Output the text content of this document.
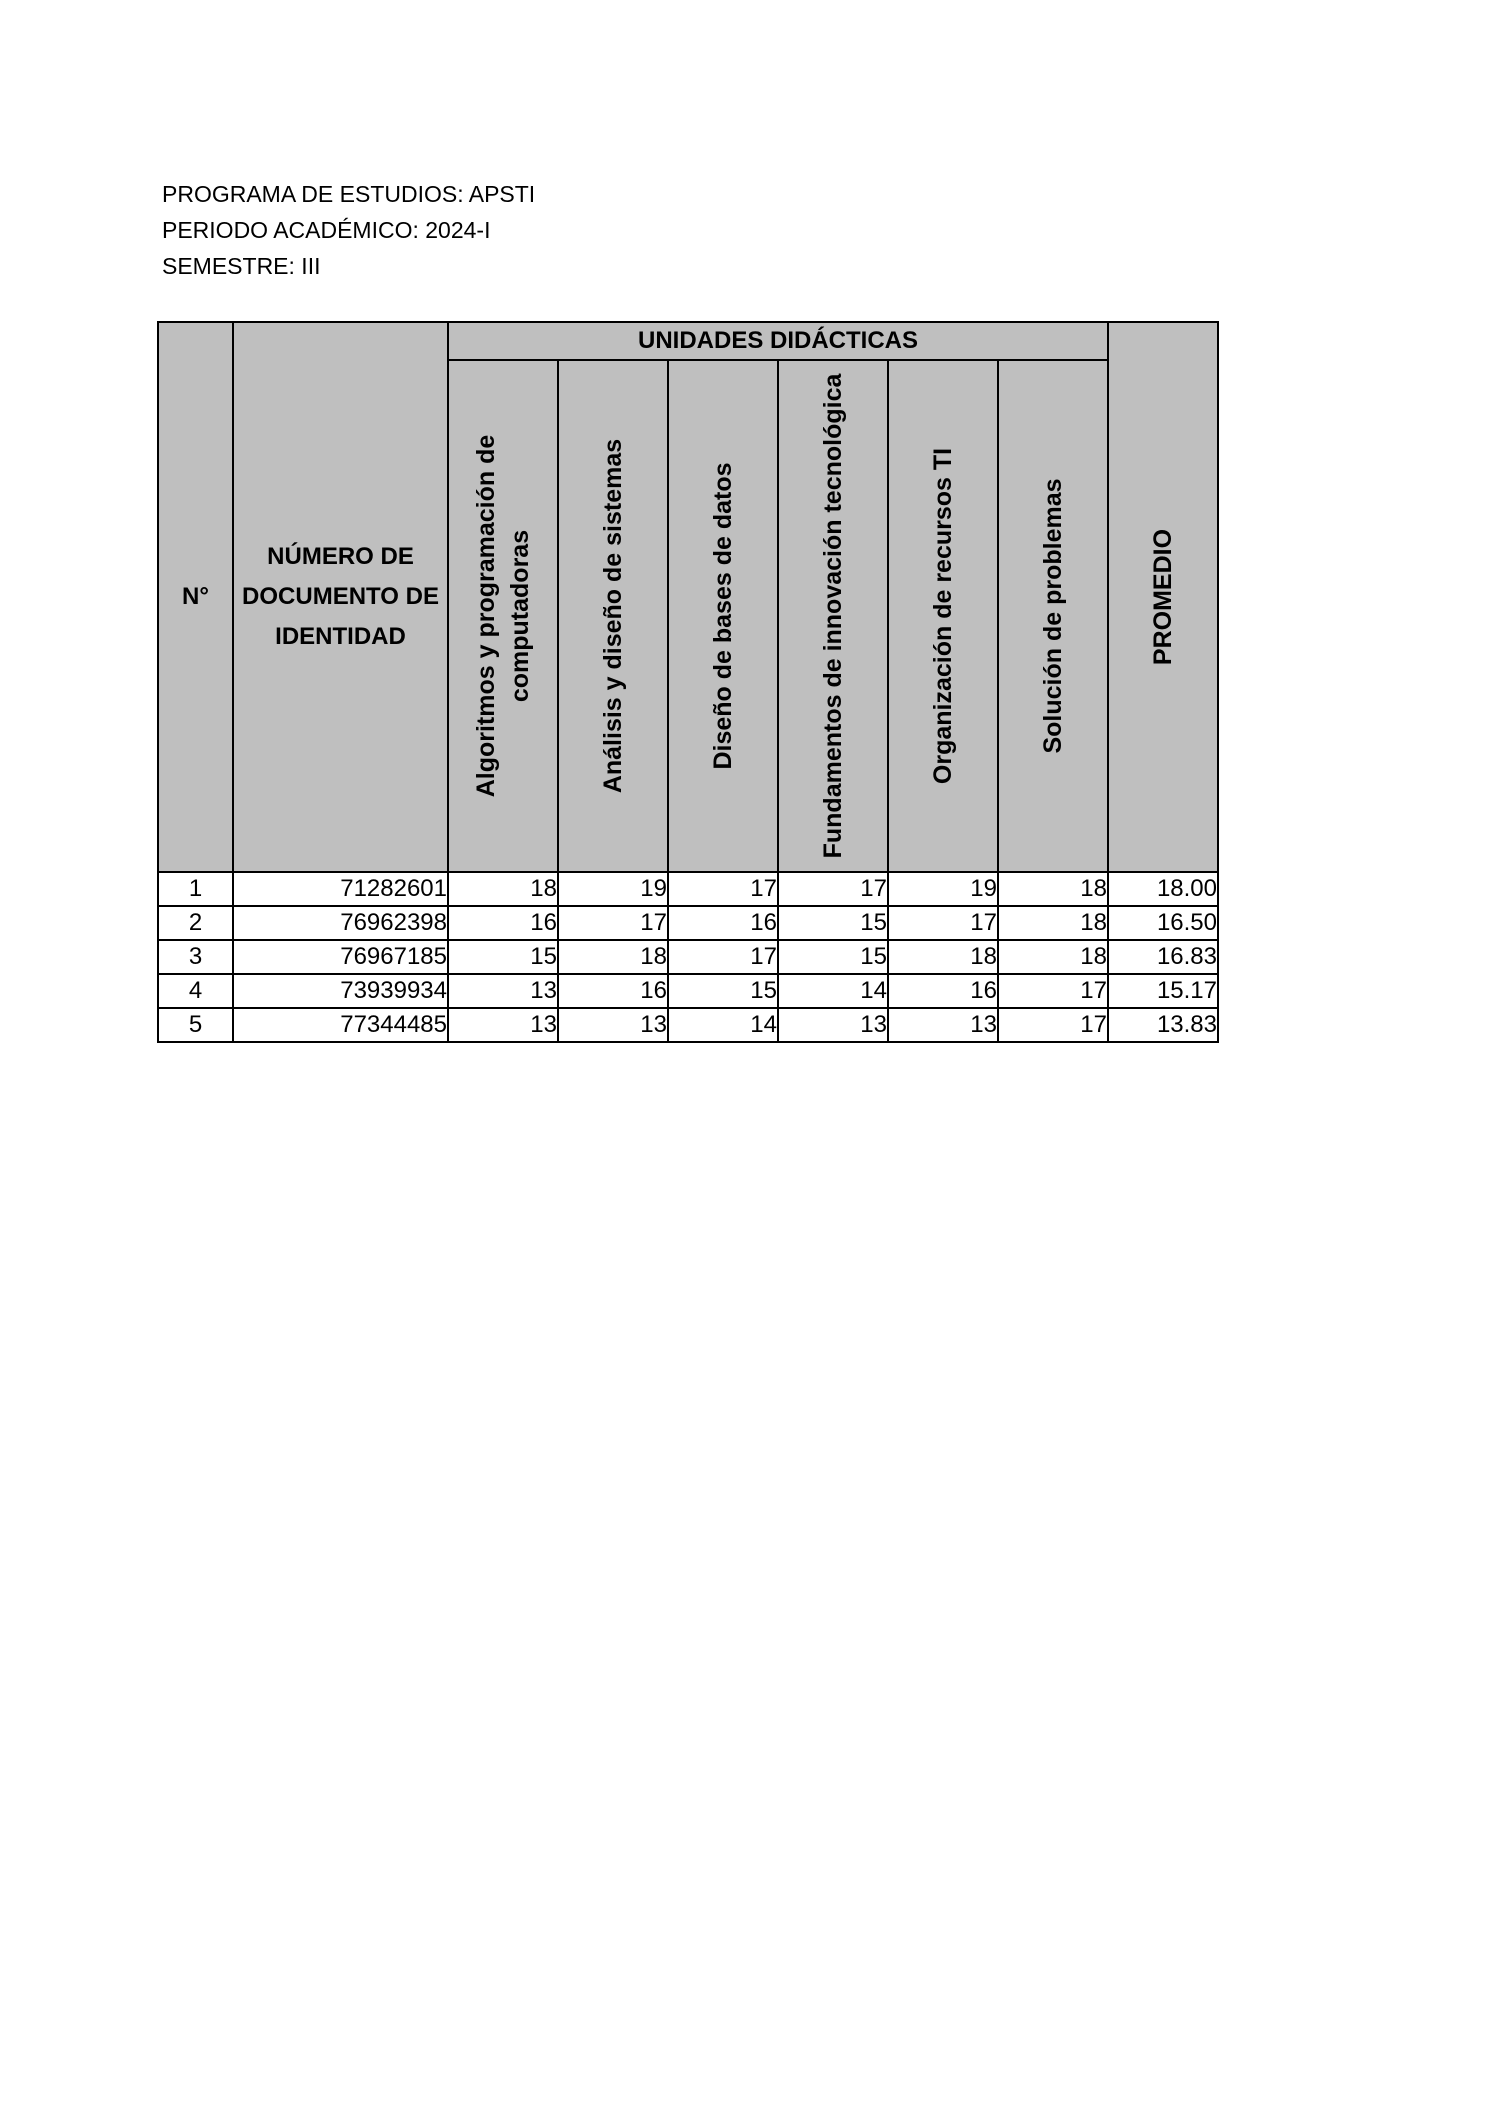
PROGRAMA DE ESTUDIOS: APSTI
PERIODO ACADÉMICO: 2024-I
SEMESTRE: III
N°	NÚMERO DE DOCUMENTO DE IDENTIDAD	UNIDADES DIDÁCTICAS						PROMEDIO

		Algoritmos y programación de computadoras	Análisis y diseño de sistemas	Diseño de bases de datos	Fundamentos de innovación tecnológica	Organización de recursos TI	Solución de problemas	

1	71282601	18	19	17	17	19	18	18.00
2	76962398	16	17	16	15	17	18	16.50
3	76967185	15	18	17	15	18	18	16.83
4	73939934	13	16	15	14	16	17	15.17
5	77344485	13	13	14	13	13	17	13.83
